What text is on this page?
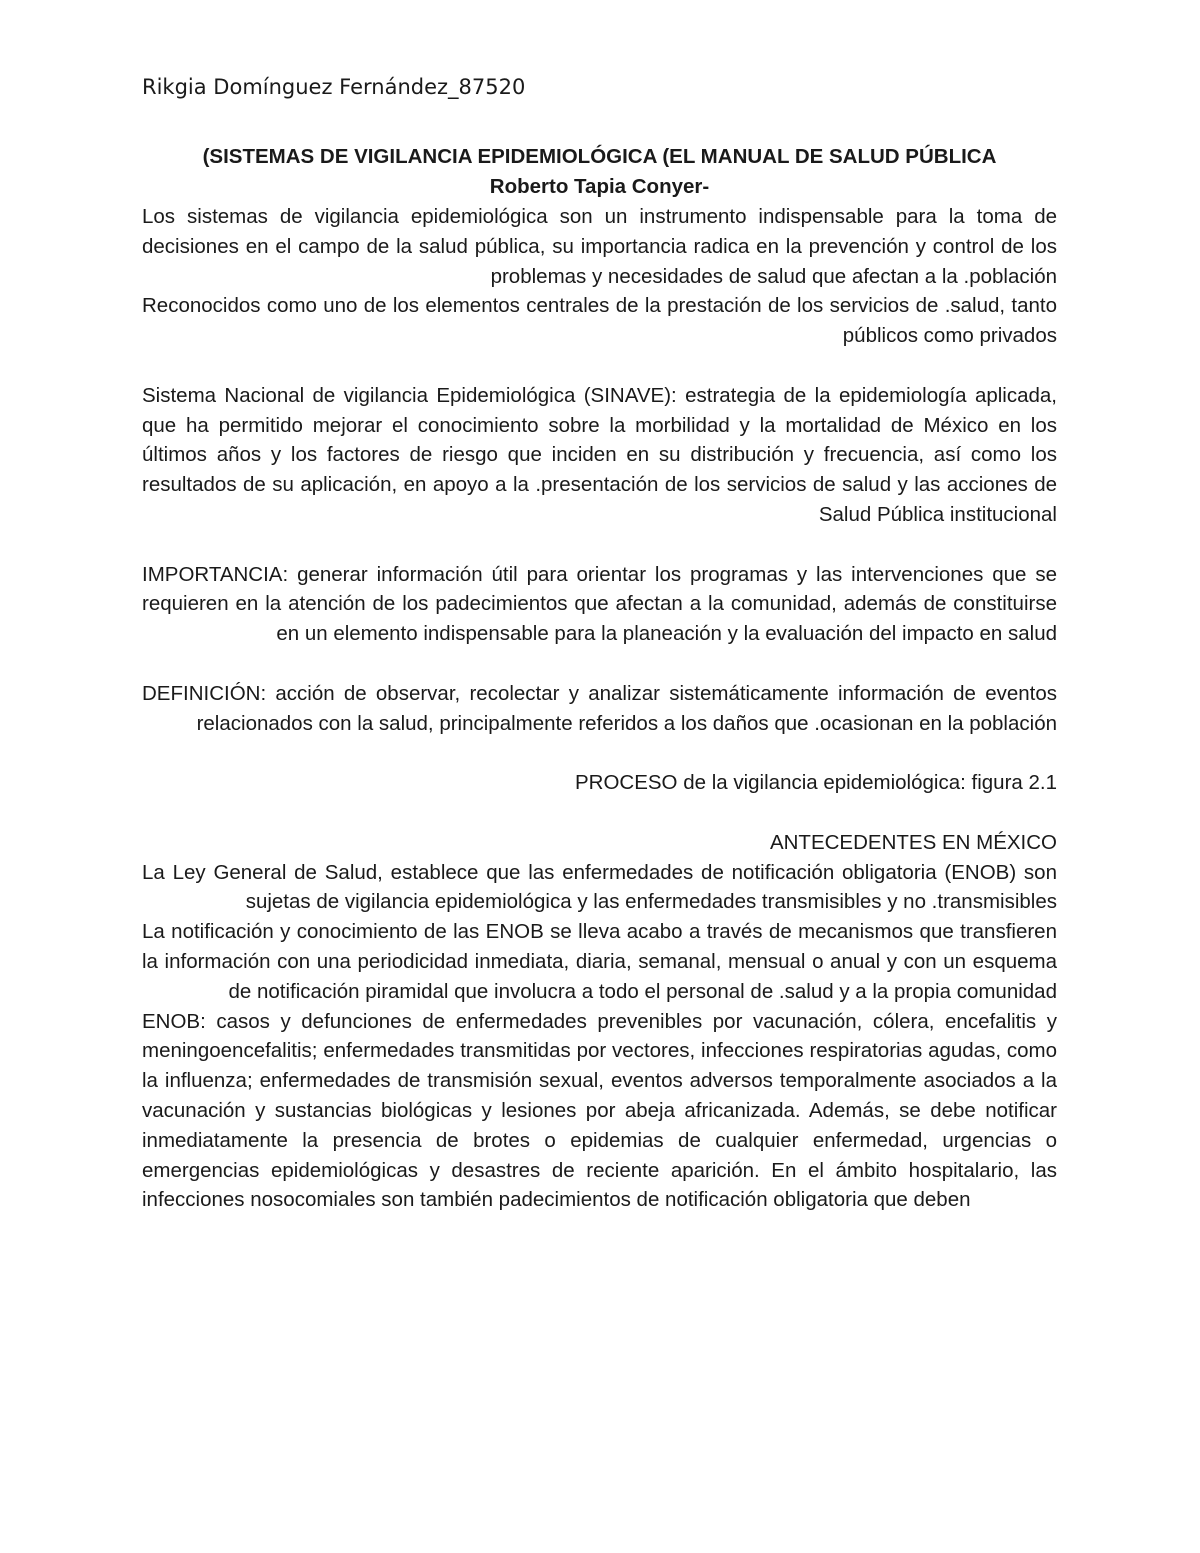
Rikgia Domínguez Fernández_87520
(SISTEMAS DE VIGILANCIA EPIDEMIOLÓGICA (EL MANUAL DE SALUD PÚBLICA
Roberto Tapia Conyer-

Los sistemas de vigilancia epidemiológica son un instrumento indispensable para la toma de decisiones en el campo de la salud pública, su importancia radica en la prevención y control de los problemas y necesidades de salud que afectan a la .población

Reconocidos como uno de los elementos centrales de la prestación de los servicios de .salud, tanto públicos como privados

Sistema Nacional de vigilancia Epidemiológica (SINAVE): estrategia de la epidemiología aplicada, que ha permitido mejorar el conocimiento sobre la morbilidad y la mortalidad de México en los últimos años y los factores de riesgo que inciden en su distribución y frecuencia, así como los resultados de su aplicación, en apoyo a la .presentación de los servicios de salud y las acciones de Salud Pública institucional

IMPORTANCIA: generar información útil para orientar los programas y las intervenciones que se requieren en la atención de los padecimientos que afectan a la comunidad, además de constituirse en un elemento indispensable para la planeación y la evaluación del impacto en salud

DEFINICIÓN: acción de observar, recolectar y analizar sistemáticamente información de eventos relacionados con la salud, principalmente referidos a los daños que .ocasionan en la población

PROCESO de la vigilancia epidemiológica: figura 2.1

ANTECEDENTES EN MÉXICO

La Ley General de Salud, establece que las enfermedades de notificación obligatoria (ENOB) son sujetas de vigilancia epidemiológica y las enfermedades transmisibles y no .transmisibles

La notificación y conocimiento de las ENOB se lleva acabo a través de mecanismos que transfieren la información con una periodicidad inmediata, diaria, semanal, mensual o anual y con un esquema de notificación piramidal que involucra a todo el personal de .salud y a la propia comunidad

ENOB: casos y defunciones de enfermedades prevenibles por vacunación, cólera, encefalitis y meningoencefalitis; enfermedades transmitidas por vectores, infecciones respiratorias agudas, como la influenza; enfermedades de transmisión sexual, eventos adversos temporalmente asociados a la vacunación y sustancias biológicas y lesiones por abeja africanizada. Además, se debe notificar inmediatamente la presencia de brotes o epidemias de cualquier enfermedad, urgencias o emergencias epidemiológicas y desastres de reciente aparición. En el ámbito hospitalario, las infecciones nosocomiales son también padecimientos de notificación obligatoria que deben
